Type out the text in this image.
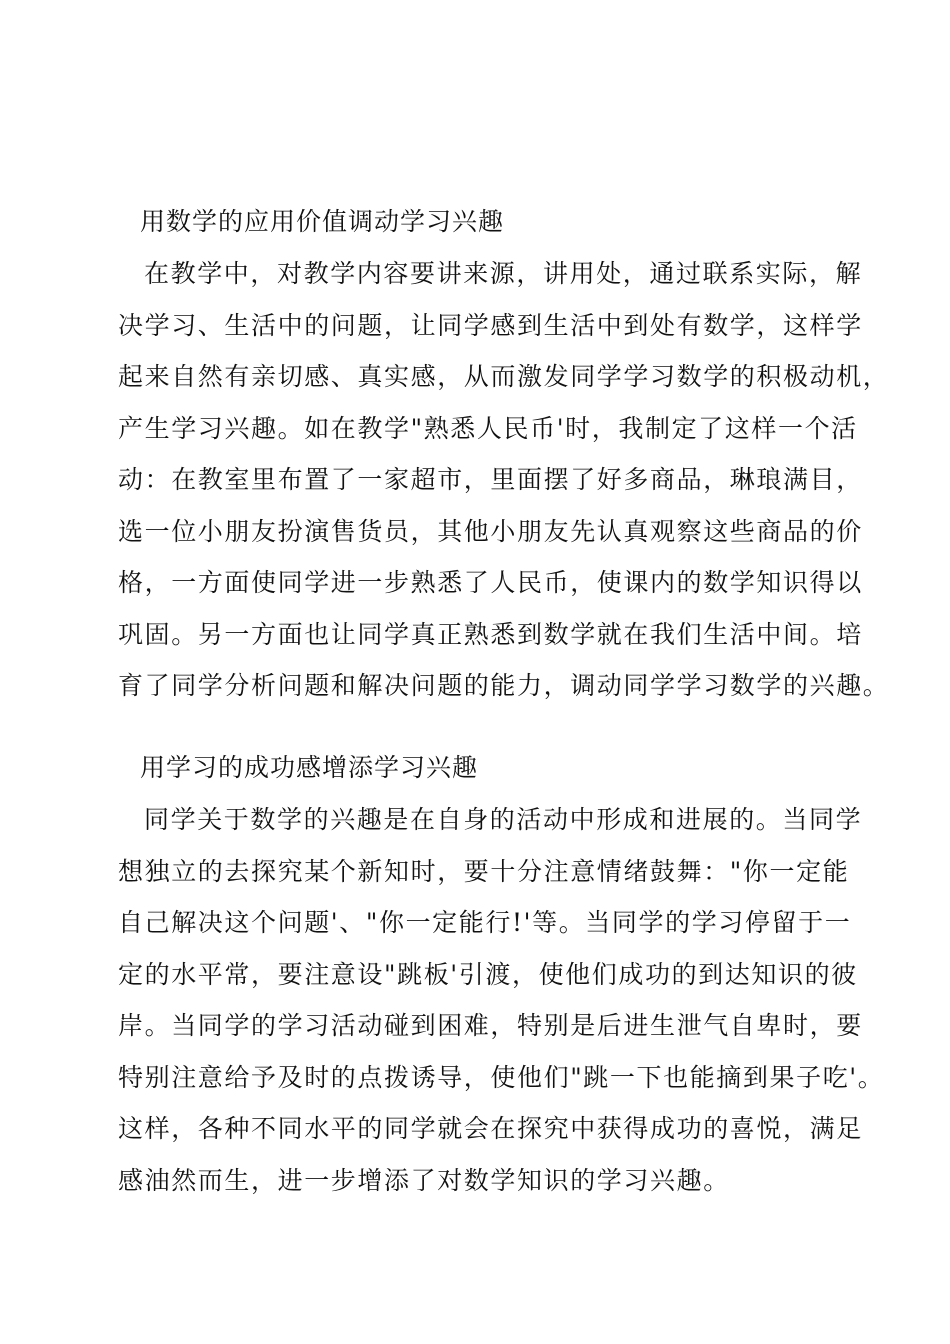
用数学的应用价值调动学习兴趣
在教学中，对教学内容要讲来源，讲用处，通过联系实际，解
决学习、生活中的问题，让同学感到生活中到处有数学，这样学
起来自然有亲切感、真实感，从而激发同学学习数学的积极动机，
产生学习兴趣。如在教学"熟悉人民币'时，我制定了这样一个活
动：在教室里布置了一家超市，里面摆了好多商品，琳琅满目，
选一位小朋友扮演售货员，其他小朋友先认真观察这些商品的价
格，一方面使同学进一步熟悉了人民币，使课内的数学知识得以
巩固。另一方面也让同学真正熟悉到数学就在我们生活中间。培
育了同学分析问题和解决问题的能力，调动同学学习数学的兴趣。
用学习的成功感增添学习兴趣
同学关于数学的兴趣是在自身的活动中形成和进展的。当同学
想独立的去探究某个新知时，要十分注意情绪鼓舞："你一定能
自己解决这个问题'、"你一定能行!'等。当同学的学习停留于一
定的水平常，要注意设"跳板'引渡，使他们成功的到达知识的彼
岸。当同学的学习活动碰到困难，特别是后进生泄气自卑时，要
特别注意给予及时的点拨诱导，使他们"跳一下也能摘到果子吃'。
这样，各种不同水平的同学就会在探究中获得成功的喜悦，满足
感油然而生，进一步增添了对数学知识的学习兴趣。
